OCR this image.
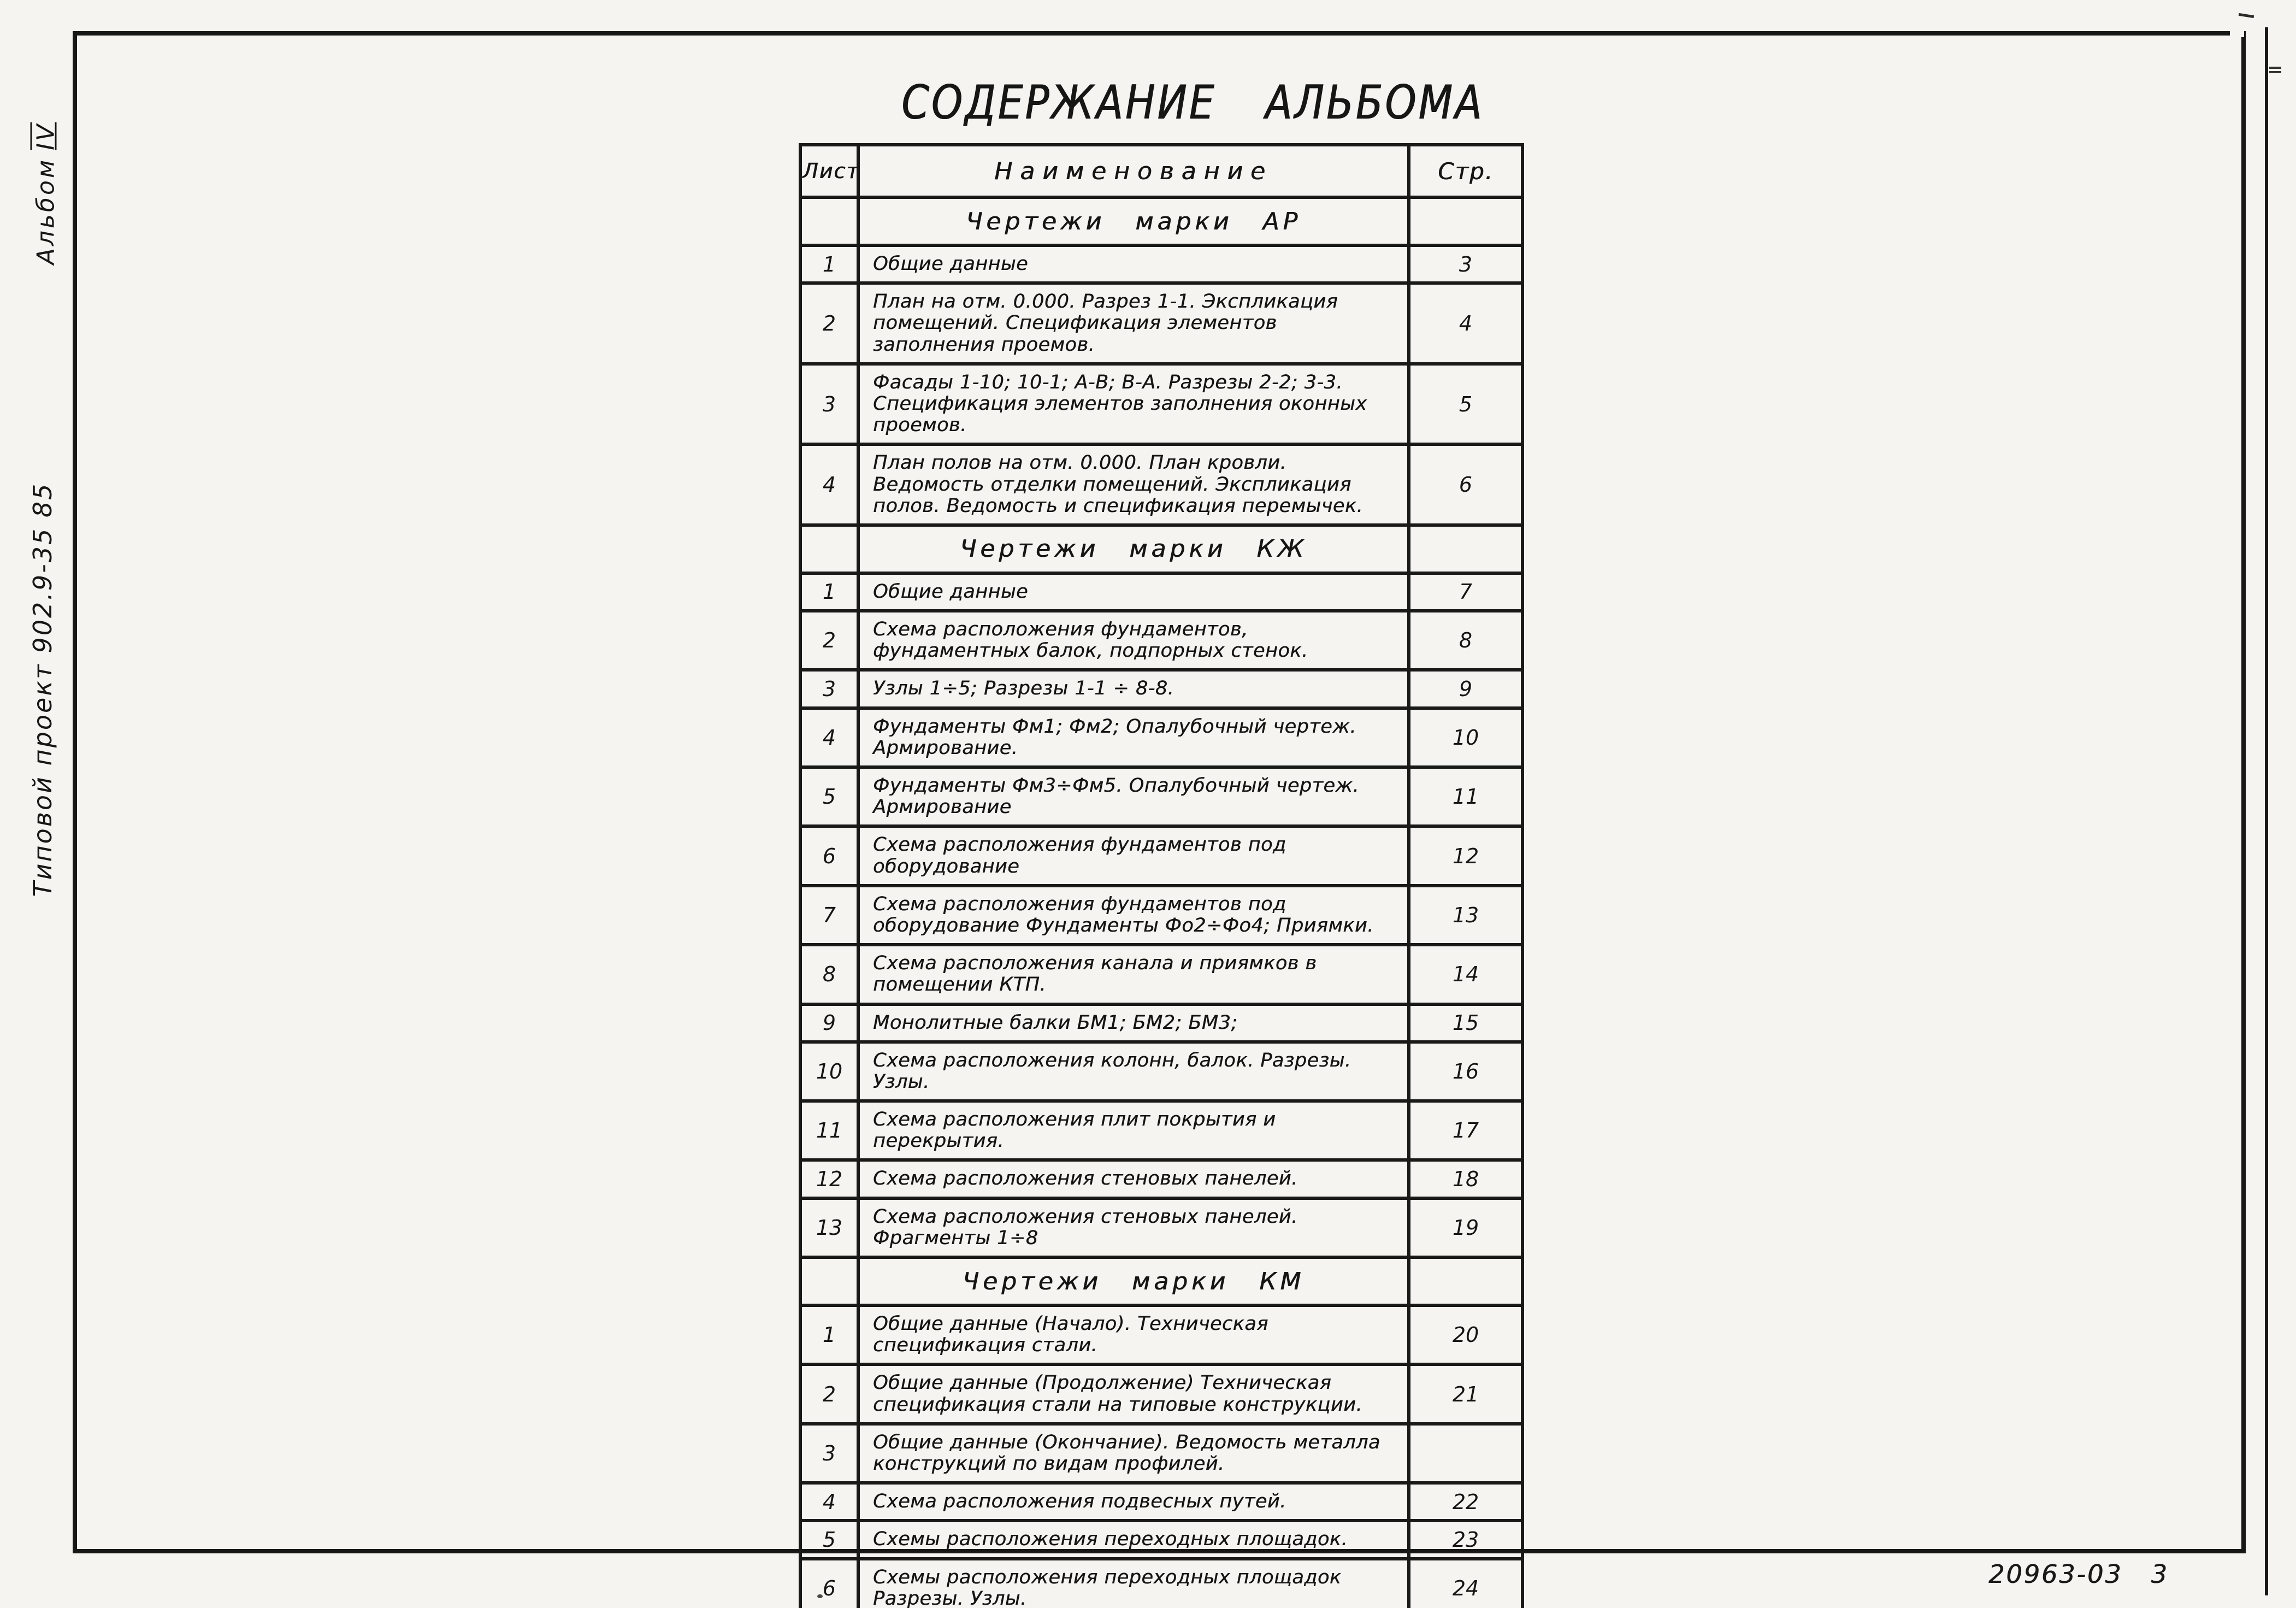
АльбомIV
Типовой проект 902.9-35 85
СОДЕРЖАНИЕ АЛЬБОМА
Лист	Наименование	Стр.
	Чертежи марки АР	
1	Общие данные	3
2	План на отм. 0.000. Разрез 1-1. Экспликация помещений. Спецификация элементов заполнения проемов.	4
3	Фасады 1-10; 10-1; А-В; В-А. Разрезы 2-2; 3-3. Спецификация элементов заполнения оконных проемов.	5
4	План полов на отм. 0.000. План кровли. Ведомость отделки помещений. Экспликация полов. Ведомость и спецификация перемычек.	6
	Чертежи марки КЖ	
1	Общие данные	7
2	Схема расположения фундаментов, фундаментных балок, подпорных стенок.	8
3	Узлы 1÷5; Разрезы 1-1 ÷ 8-8.	9
4	Фундаменты Фм1; Фм2; Опалубочный чертеж. Армирование.	10
5	Фундаменты Фм3÷Фм5. Опалубочный чертеж. Армирование	11
6	Схема расположения фундаментов под оборудование	12
7	Схема расположения фундаментов под оборудование Фундаменты Фо2÷Фо4; Приямки.	13
8	Схема расположения канала и приямков в помещении КТП.	14
9	Монолитные балки БМ1; БМ2; БМ3;	15
10	Схема расположения колонн, балок. Разрезы. Узлы.	16
11	Схема расположения плит покрытия и перекрытия.	17
12	Схема расположения стеновых панелей.	18
13	Схема расположения стеновых панелей. Фрагменты 1÷8	19
	Чертежи марки КМ	
1	Общие данные (Начало). Техническая спецификация стали.	20
2	Общие данные (Продолжение) Техническая спецификация стали на типовые конструкции.	21
3	Общие данные (Окончание). Ведомость металла конструкций по видам профилей.	
4	Схема расположения подвесных путей.	22
5	Схемы расположения переходных площадок.	23
6	Схемы расположения переходных площадок Разрезы. Узлы.	24	20963-03 3
